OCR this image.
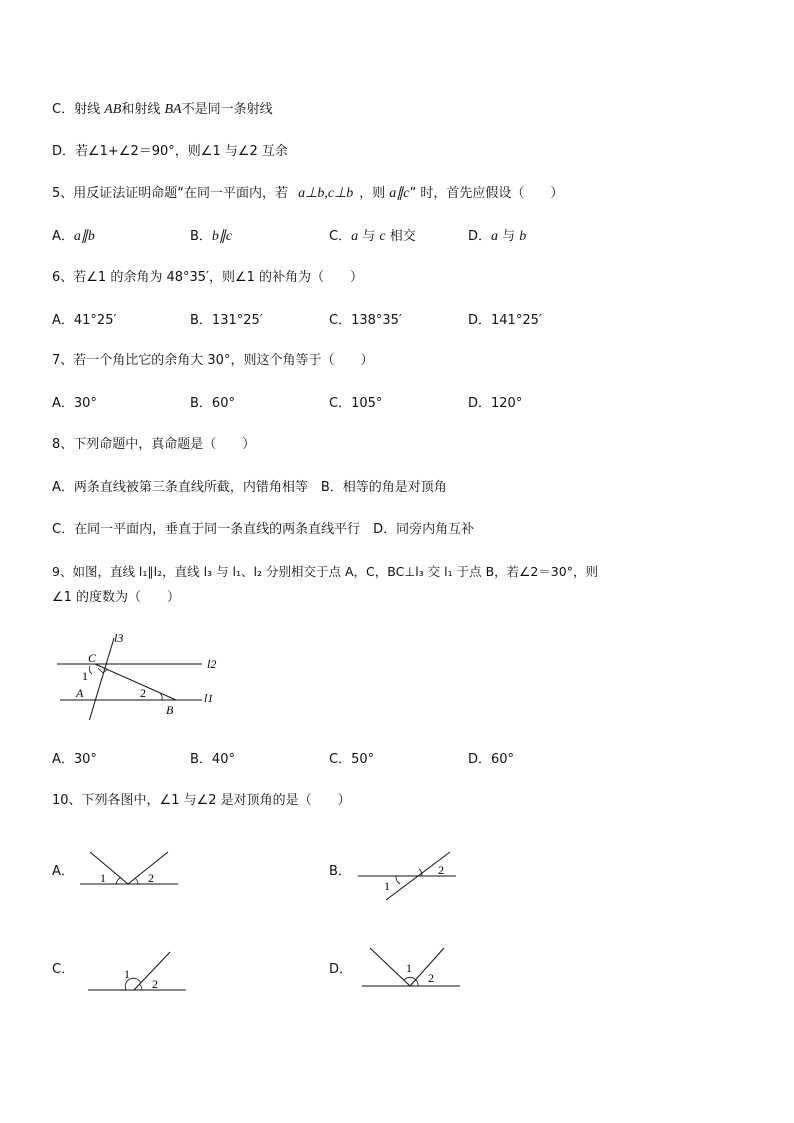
C．射线 AB和射线 BA不是同一条射线
D．若∠1+∠2＝90°，则∠1 与∠2 互余
5、用反证法证明命题“在同一平面内，若 a⊥b,c⊥b ，则 a∥c” 时，首先应假设（　　）
A．a∥b	B．b∥c	C．a 与 c 相交	D．a 与 b
6、若∠1 的余角为 48°35′，则∠1 的补角为（　　）
A．41°25′	B．131°25′	C．138°35′	D．141°25′
7、若一个角比它的余角大 30°，则这个角等于（　　）
A．30°	B．60°	C．105°	D．120°
8、下列命题中，真命题是（　　）
A．两条直线被第三条直线所截，内错角相等　B．相等的角是对顶角
C．在同一平面内，垂直于同一条直线的两条直线平行　D．同旁内角互补
9、如图，直线 l₁∥l₂，直线 l₃ 与 l₁、l₂ 分别相交于点 A，C，BC⊥l₃ 交 l₁ 于点 B，若∠2＝30°，则
∠1 的度数为（　　）
l3
l2
l1
C
A
B
1
2
A．30°	B．40°	C．50°	D．60°
10、下列各图中，∠1 与∠2 是对顶角的是（　　）
A． 1	2	B．
1
2
C．	1
2
D．	1
2
